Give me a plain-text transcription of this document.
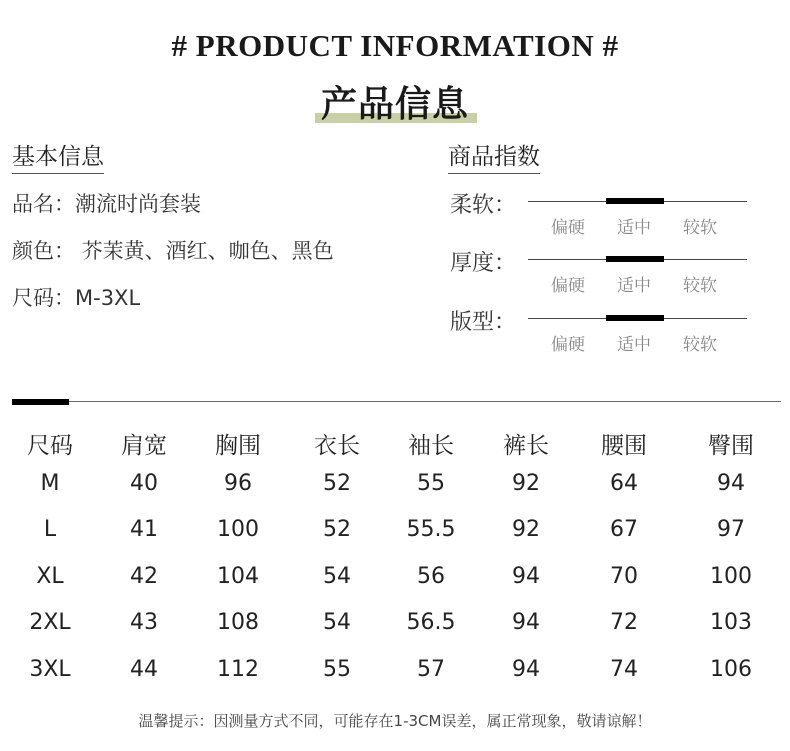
# PRODUCT INFORMATION #
产品信息
基本信息
品名：潮流时尚套装
颜色： 芥茉黄、酒红、咖色、黑色
尺码：M-3XL
商品指数
柔软：
偏硬 适中 较软
厚度：
偏硬 适中 较软
版型：
偏硬 适中 较软
尺码	肩宽	胸围	衣长	袖长	裤长	腰围	臀围
M	40	96	52	55	92	64	94
L	41	100	52	55.5	92	67	97
XL	42	104	54	56	94	70	100
2XL	43	108	54	56.5	94	72	103
3XL	44	112	55	57	94	74	106
温馨提示：因测量方式不同，可能存在1-3CM误差，属正常现象，敬请谅解！
